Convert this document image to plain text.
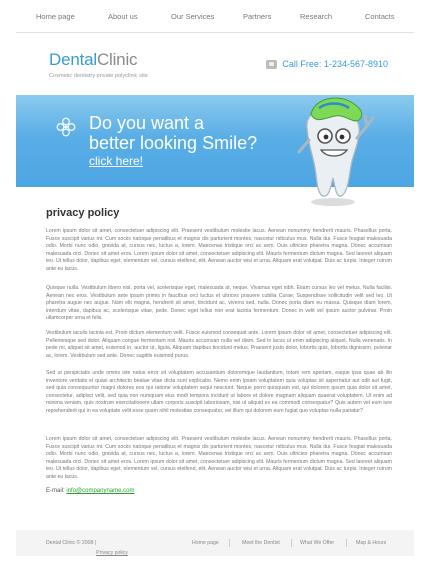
Home page	About us	Our Services	Partners	Research	Contacts
DentalClinic
Cosmetic dentistry private polyclinic site
Call Free: 1-234-567-8910
Do you want a
better looking Smile?
click here!
privacy policy

Lorem ipsum dolor sit amet, consectetuer adipiscing elit. Praesent vestibulum molestie lacus. Aenean nonummy hendrerit mauris. Phasellus porta. Fusce suscipit varius mi. Cum sociis natoque penatibus et magnis dis parturient montes, nascetur ridiculus mus. Nulla dui. Fusce feugiat malesuada odio. Morbi nunc odio, gravida at, cursus nec, luctus a, lorem. Maecenas tristique orci ac sem. Duis ultricies pharetra magna. Donec accumsan malesuada orci. Donec sit amet eros. Lorem ipsum dolor sit amet, consectetuer adipiscing elit. Mauris fermentum dictum magna. Sed laoreet aliquam leo. Ut tellus dolor, dapibus eget, elementum vel, cursus eleifend, elit. Aenean auctor wisi et urna. Aliquam erat volutpat. Duis ac turpis. Integer rutrum ante eu lacus.

Quisque nulla. Vestibulum libero nisl, porta vel, scelerisque eget, malesuada at, neque. Vivamus eget nibh. Etiam cursus leo vel metus. Nulla facilisi. Aenean nec eros. Vestibulum ante ipsum primis in faucibus orci luctus et ultrices posuere cubilia Curae; Suspendisse sollicitudin velit sed leo. Ut pharetra augue nec augue. Nam elit magna, hendrerit sit amet, tincidunt ac, viverra sed, nulla. Donec porta diam eu massa. Quisque diam lorem, interdum vitae, dapibus ac, scelerisque vitae, pede. Donec eget tellus non erat lacinia fermentum. Donec in velit vel ipsum auctor pulvinar. Proin ullamcorper urna et felis.

Vestibulum iaculis lacinia est. Proin dictum elementum velit. Fusce euismod consequat ante. Lorem ipsum dolor sit amet, consectetuer adipiscing elit. Pellentesque sed dolor. Aliquam congue fermentum nisl. Mauris accumsan nulla vel diam. Sed in lacus ut enim adipiscing aliquet. Nulla venenatis. In pede mi, aliquet sit amet, euismod in, auctor ut, ligula. Aliquam dapibus tincidunt metus. Praesent justo dolor, lobortis quis, lobortis dignissim, pulvinar ac, lorem. Vestibulum sed ante. Donec sagittis euismod purus.

Sed ut perspiciatis unde omnis iste natus error sit voluptatem accusantium doloremque laudantium, totam rem aperiam, eaque ipsa quae ab illo inventore veritatis et quasi architecto beatae vitae dicta sunt explicabo. Nemo enim ipsam voluptatem quia voluptas sit aspernatur aut odit aut fugit, sed quia consequuntur magni dolores eos qui ratione voluptatem sequi nesciunt. Neque porro quisquam est, qui dolorem ipsum quia dolor sit amet, consectetur, adipisci velit, sed quia non numquam eius modi tempora incidunt ut labore et dolore magnam aliquam quaerat voluptatem. Ut enim ad minima veniam, quis nostrum exercitationem ullam corporis suscipit laboriosam, nisi ut aliquid ex ea commodi consequatur? Quis autem vel eum iure reprehenderit qui in ea voluptate velit esse quam nihil molestiae consequatur, vel illum qui dolorem eum fugiat quo voluptas nulla pariatur?

Lorem ipsum dolor sit amet, consectetuer adipiscing elit. Praesent vestibulum molestie lacus. Aenean nonummy hendrerit mauris. Phasellus porta. Fusce suscipit varius mi. Cum sociis natoque penatibus et magnis dis parturient montes, nascetur ridiculus mus. Nulla dui. Fusce feugiat malesuada odio. Morbi nunc odio, gravida at, cursus nec, luctus a, lorem. Maecenas tristique orci ac sem. Duis ultricies pharetra magna. Donec accumsan malesuada orci. Donec sit amet eros. Lorem ipsum dolor sit amet, consectetuer adipiscing elit. Mauris fermentum dictum magna. Sed laoreet aliquam leo. Ut tellus dolor, dapibus eget, elementum vel, cursus eleifend, elit. Aenean auctor wisi et urna. Aliquam erat volutpat. Duis ac turpis. Integer rutrum ante eu lacus.

E-mail: info@companyname.com
Dental Clinic © 2008 |
Privacy policy
Home page	Meet the Dentist	What We Offer	Map & Hours
